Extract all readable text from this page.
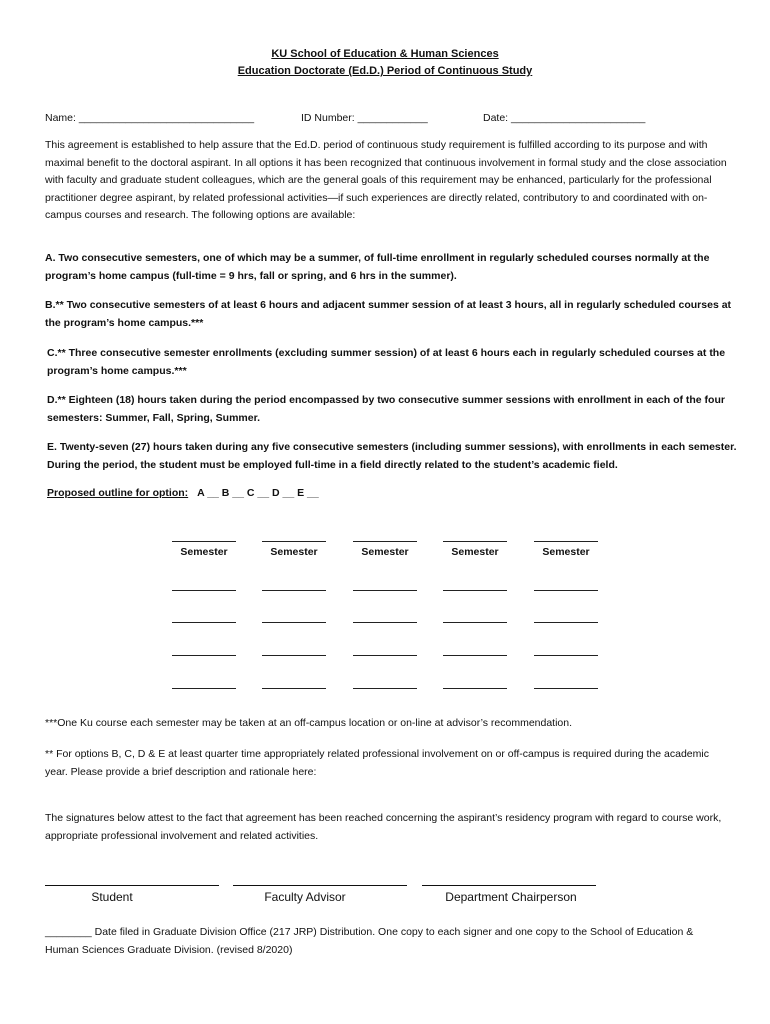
KU School of Education & Human Sciences
Education Doctorate (Ed.D.) Period of Continuous Study
Name: ______________________________	ID Number: ____________	Date: _______________________
This agreement is established to help assure that the Ed.D. period of continuous study requirement is fulfilled according to its purpose and with maximal benefit to the doctoral aspirant. In all options it has been recognized that continuous involvement in formal study and the close association with faculty and graduate student colleagues, which are the general goals of this requirement may be enhanced, particularly for the professional practitioner degree aspirant, by related professional activities—if such experiences are directly related, contributory to and coordinated with on-campus courses and research. The following options are available:
A. Two consecutive semesters, one of which may be a summer, of full-time enrollment in regularly scheduled courses normally at the program’s home campus (full-time = 9 hrs, fall or spring, and 6 hrs in the summer).
B.** Two consecutive semesters of at least 6 hours and adjacent summer session of at least 3 hours, all in regularly scheduled courses at the program’s home campus.***
C.** Three consecutive semester enrollments (excluding summer session) of at least 6 hours each in regularly scheduled courses at the program’s home campus.***
D.** Eighteen (18) hours taken during the period encompassed by two consecutive summer sessions with enrollment in each of the four semesters: Summer, Fall, Spring, Summer.
E. Twenty-seven (27) hours taken during any five consecutive semesters (including summer sessions), with enrollments in each semester. During the period, the student must be employed full-time in a field directly related to the student’s academic field.
Proposed outline for option: A __ B __ C __ D __ E __
Semester	Semester	Semester	Semester	Semester
***One Ku course each semester may be taken at an off-campus location or on-line at advisor’s recommendation.
** For options B, C, D & E at least quarter time appropriately related professional involvement on or off-campus is required during the academic year. Please provide a brief description and rationale here:
The signatures below attest to the fact that agreement has been reached concerning the aspirant’s residency program with regard to course work, appropriate professional involvement and related activities.
Student	Faculty Advisor	Department Chairperson
________ Date filed in Graduate Division Office (217 JRP) Distribution. One copy to each signer and one copy to the School of Education & Human Sciences Graduate Division. (revised 8/2020)
